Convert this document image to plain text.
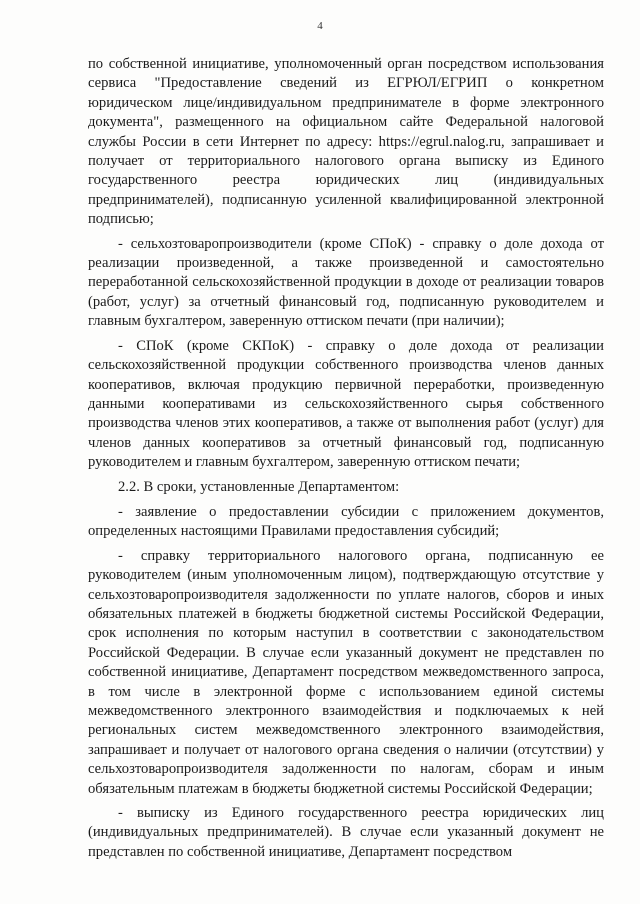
4

по собственной инициативе, уполномоченный орган посредством использования сервиса "Предоставление сведений из ЕГРЮЛ/ЕГРИП о конкретном юридическом лице/индивидуальном предпринимателе в форме электронного документа", размещенного на официальном сайте Федеральной налоговой службы России в сети Интернет по адресу: https://egrul.nalog.ru, запрашивает и получает от территориального налогового органа выписку из Единого государственного реестра юридических лиц (индивидуальных предпринимателей), подписанную усиленной квалифицированной электронной подписью;

- сельхозтоваропроизводители (кроме СПоК) - справку о доле дохода от реализации произведенной, а также произведенной и самостоятельно переработанной сельскохозяйственной продукции в доходе от реализации товаров (работ, услуг) за отчетный финансовый год, подписанную руководителем и главным бухгалтером, заверенную оттиском печати (при наличии);

- СПоК (кроме СКПоК) - справку о доле дохода от реализации сельскохозяйственной продукции собственного производства членов данных кооперативов, включая продукцию первичной переработки, произведенную данными кооперативами из сельскохозяйственного сырья собственного производства членов этих кооперативов, а также от выполнения работ (услуг) для членов данных кооперативов за отчетный финансовый год, подписанную руководителем и главным бухгалтером, заверенную оттиском печати;

2.2. В сроки, установленные Департаментом:

- заявление о предоставлении субсидии с приложением документов, определенных настоящими Правилами предоставления субсидий;

- справку территориального налогового органа, подписанную ее руководителем (иным уполномоченным лицом), подтверждающую отсутствие у сельхозтоваропроизводителя задолженности по уплате налогов, сборов и иных обязательных платежей в бюджеты бюджетной системы Российской Федерации, срок исполнения по которым наступил в соответствии с законодательством Российской Федерации. В случае если указанный документ не представлен по собственной инициативе, Департамент посредством межведомственного запроса, в том числе в электронной форме с использованием единой системы межведомственного электронного взаимодействия и подключаемых к ней региональных систем межведомственного электронного взаимодействия, запрашивает и получает от налогового органа сведения о наличии (отсутствии) у сельхозтоваропроизводителя задолженности по налогам, сборам и иным обязательным платежам в бюджеты бюджетной системы Российской Федерации;

- выписку из Единого государственного реестра юридических лиц (индивидуальных предпринимателей). В случае если указанный документ не представлен по собственной инициативе, Департамент посредством
